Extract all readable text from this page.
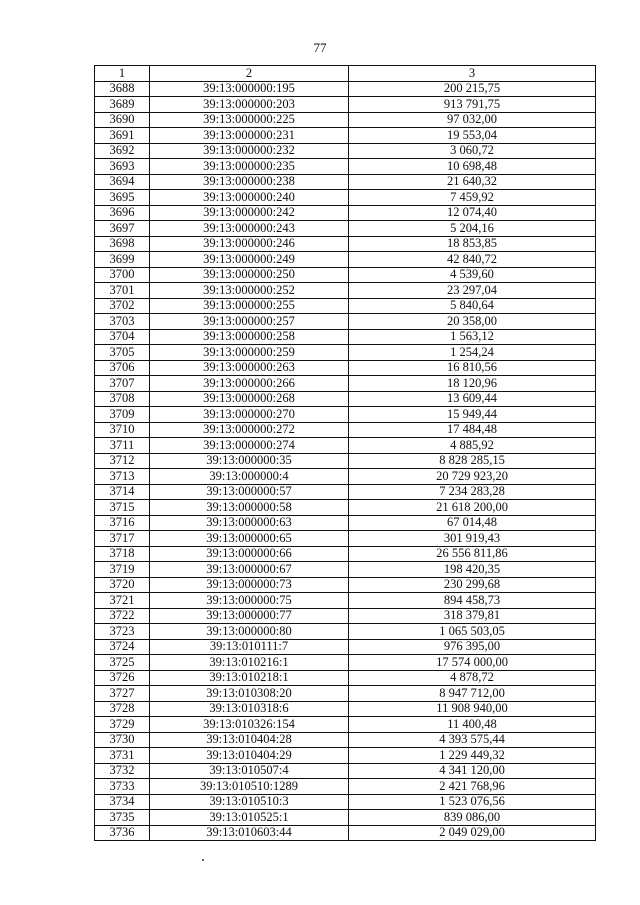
77
1	2	3
3688	39:13:000000:195	200 215,75
3689	39:13:000000:203	913 791,75
3690	39:13:000000:225	97 032,00
3691	39:13:000000:231	19 553,04
3692	39:13:000000:232	3 060,72
3693	39:13:000000:235	10 698,48
3694	39:13:000000:238	21 640,32
3695	39:13:000000:240	7 459,92
3696	39:13:000000:242	12 074,40
3697	39:13:000000:243	5 204,16
3698	39:13:000000:246	18 853,85
3699	39:13:000000:249	42 840,72
3700	39:13:000000:250	4 539,60
3701	39:13:000000:252	23 297,04
3702	39:13:000000:255	5 840,64
3703	39:13:000000:257	20 358,00
3704	39:13:000000:258	1 563,12
3705	39:13:000000:259	1 254,24
3706	39:13:000000:263	16 810,56
3707	39:13:000000:266	18 120,96
3708	39:13:000000:268	13 609,44
3709	39:13:000000:270	15 949,44
3710	39:13:000000:272	17 484,48
3711	39:13:000000:274	4 885,92
3712	39:13:000000:35	8 828 285,15
3713	39:13:000000:4	20 729 923,20
3714	39:13:000000:57	7 234 283,28
3715	39:13:000000:58	21 618 200,00
3716	39:13:000000:63	67 014,48
3717	39:13:000000:65	301 919,43
3718	39:13:000000:66	26 556 811,86
3719	39:13:000000:67	198 420,35
3720	39:13:000000:73	230 299,68
3721	39:13:000000:75	894 458,73
3722	39:13:000000:77	318 379,81
3723	39:13:000000:80	1 065 503,05
3724	39:13:010111:7	976 395,00
3725	39:13:010216:1	17 574 000,00
3726	39:13:010218:1	4 878,72
3727	39:13:010308:20	8 947 712,00
3728	39:13:010318:6	11 908 940,00
3729	39:13:010326:154	11 400,48
3730	39:13:010404:28	4 393 575,44
3731	39:13:010404:29	1 229 449,32
3732	39:13:010507:4	4 341 120,00
3733	39:13:010510:1289	2 421 768,96
3734	39:13:010510:3	1 523 076,56
3735	39:13:010525:1	839 086,00
3736	39:13:010603:44	2 049 029,00
